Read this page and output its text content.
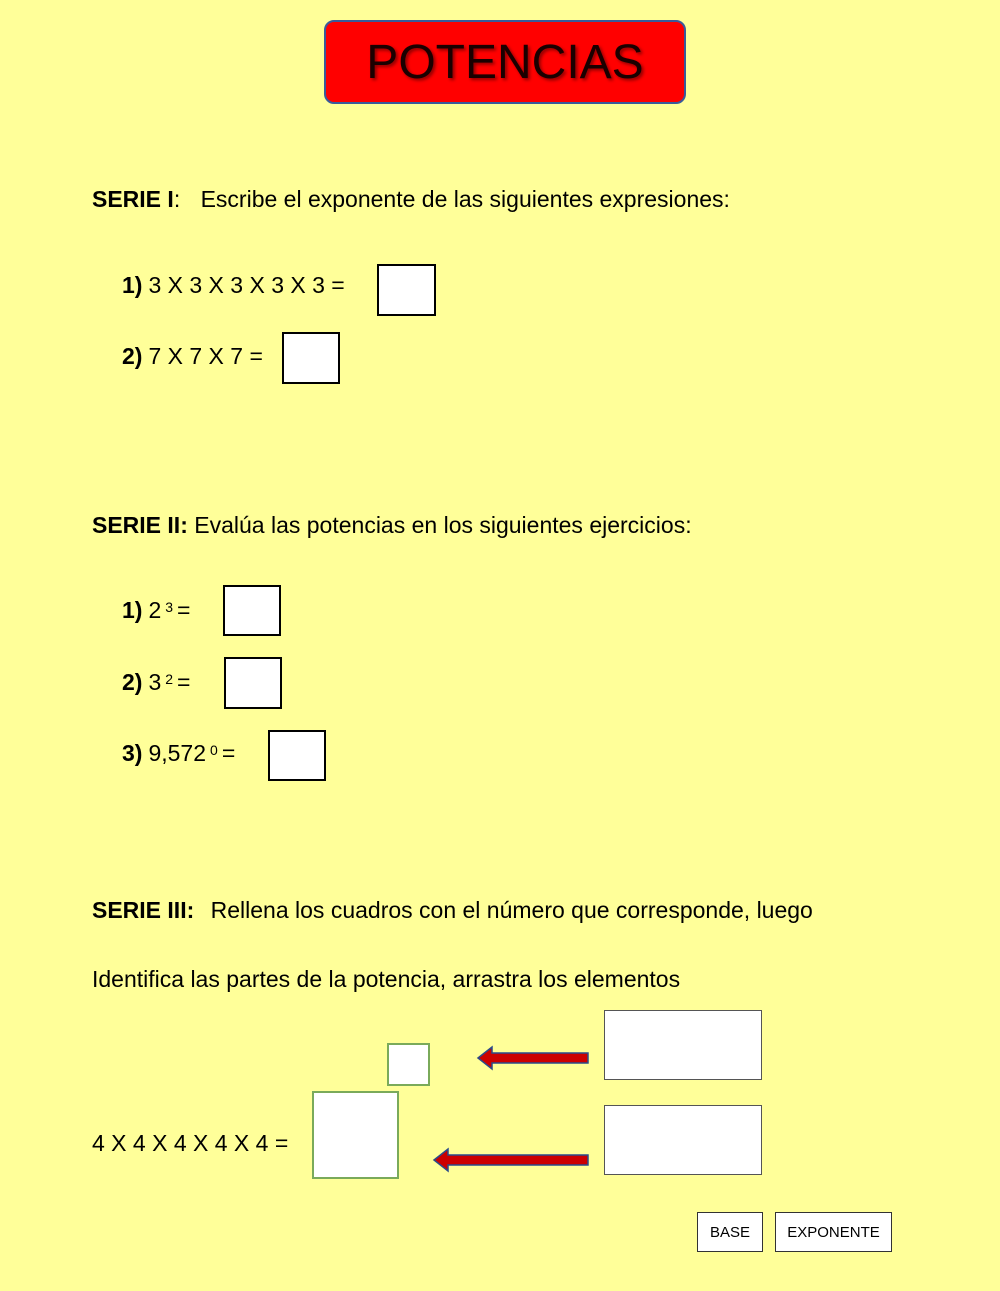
POTENCIAS
SERIE I: Escribe el exponente de las siguientes expresiones:
1) 3 X 3 X 3 X 3 X 3 =
2) 7 X 7 X 7 =
SERIE II: Evalúa las potencias en los siguientes ejercicios:
1) 2 $^3$ =
2) 3 $^2$ =
3) 9,572 $^0$ =
SERIE III: Rellena los cuadros con el número que corresponde, luego
Identifica las partes de la potencia, arrastra los elementos
4 X 4 X 4 X 4 X 4 =
BASE	EXPONENTE
